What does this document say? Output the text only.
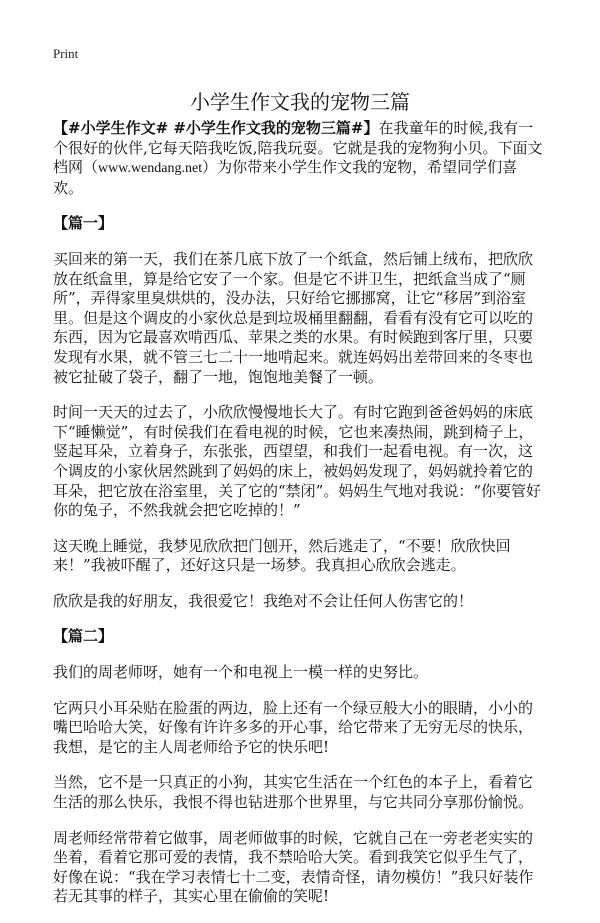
Print
小学生作文我的宠物三篇

【#小学生作文# #小学生作文我的宠物三篇#】在我童年的时候,我有一个很好的伙伴,它每天陪我吃饭,陪我玩耍。它就是我的宠物狗小贝。下面文档网（www.wendang.net）为你带来小学生作文我的宠物，希望同学们喜欢。

【篇一】

买回来的第一天，我们在茶几底下放了一个纸盒，然后铺上绒布，把欣欣放在纸盒里，算是给它安了一个家。但是它不讲卫生，把纸盒当成了“厕所”，弄得家里臭烘烘的，没办法，只好给它挪挪窝，让它“移居”到浴室里。但是这个调皮的小家伙总是到垃圾桶里翻翻，看看有没有它可以吃的东西，因为它最喜欢啃西瓜、苹果之类的水果。有时候跑到客厅里，只要发现有水果，就不管三七二十一地啃起来。就连妈妈出差带回来的冬枣也被它扯破了袋子，翻了一地，饱饱地美餐了一顿。

时间一天天的过去了，小欣欣慢慢地长大了。有时它跑到爸爸妈妈的床底下“睡懒觉”，有时侯我们在看电视的时候，它也来凑热闹，跳到椅子上，竖起耳朵，立着身子，东张张，西望望，和我们一起看电视。有一次，这个调皮的小家伙居然跳到了妈妈的床上，被妈妈发现了，妈妈就拎着它的耳朵，把它放在浴室里，关了它的“禁闭”。妈妈生气地对我说：“你要管好你的兔子，不然我就会把它吃掉的！”

这天晚上睡觉，我梦见欣欣把门刨开，然后逃走了，“不要！欣欣快回来！”我被吓醒了，还好这只是一场梦。我真担心欣欣会逃走。

欣欣是我的好朋友，我很爱它！我绝对不会让任何人伤害它的！

【篇二】

我们的周老师呀，她有一个和电视上一模一样的史努比。

它两只小耳朵贴在脸蛋的两边，脸上还有一个绿豆般大小的眼睛，小小的嘴巴哈哈大笑，好像有许许多多的开心事，给它带来了无穷无尽的快乐，我想，是它的主人周老师给予它的快乐吧!

当然，它不是一只真正的小狗，其实它生活在一个红色的本子上，看着它生活的那么快乐，我恨不得也钻进那个世界里，与它共同分享那份愉悦。

周老师经常带着它做事，周老师做事的时候，它就自己在一旁老老实实的坐着，看着它那可爱的表情，我不禁哈哈大笑。看到我笑它似乎生气了，好像在说：“我在学习表情七十二变，表情奇怪，请勿模仿！”我只好装作若无其事的样子，其实心里在偷偷的笑呢!
